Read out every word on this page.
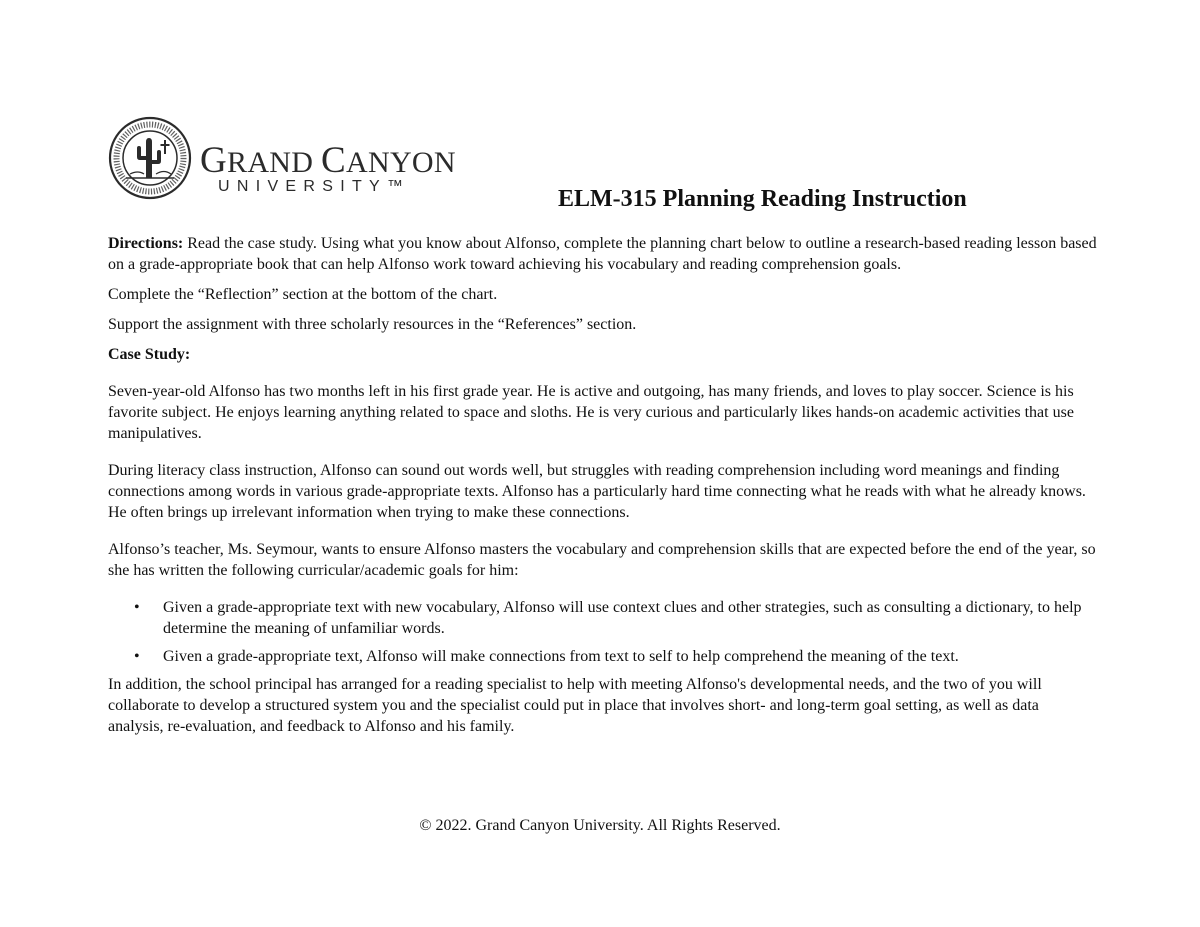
GRAND CANYON
UNIVERSITY™	ELM-315 Planning Reading Instruction

Directions: Read the case study. Using what you know about Alfonso, complete the planning chart below to outline a research-based reading lesson based on a grade-appropriate book that can help Alfonso work toward achieving his vocabulary and reading comprehension goals.

Complete the “Reflection” section at the bottom of the chart.

Support the assignment with three scholarly resources in the “References” section.

Case Study:

Seven-year-old Alfonso has two months left in his first grade year. He is active and outgoing, has many friends, and loves to play soccer. Science is his favorite subject. He enjoys learning anything related to space and sloths. He is very curious and particularly likes hands-on academic activities that use manipulatives.

During literacy class instruction, Alfonso can sound out words well, but struggles with reading comprehension including word meanings and finding connections among words in various grade-appropriate texts. Alfonso has a particularly hard time connecting what he reads with what he already knows. He often brings up irrelevant information when trying to make these connections.

Alfonso’s teacher, Ms. Seymour, wants to ensure Alfonso masters the vocabulary and comprehension skills that are expected before the end of the year, so she has written the following curricular/academic goals for him:

• Given a grade-appropriate text with new vocabulary, Alfonso will use context clues and other strategies, such as consulting a dictionary, to help determine the meaning of unfamiliar words.
• Given a grade-appropriate text, Alfonso will make connections from text to self to help comprehend the meaning of the text.

In addition, the school principal has arranged for a reading specialist to help with meeting Alfonso's developmental needs, and the two of you will collaborate to develop a structured system you and the specialist could put in place that involves short- and long-term goal setting, as well as data analysis, re-evaluation, and feedback to Alfonso and his family.

© 2022. Grand Canyon University. All Rights Reserved.
